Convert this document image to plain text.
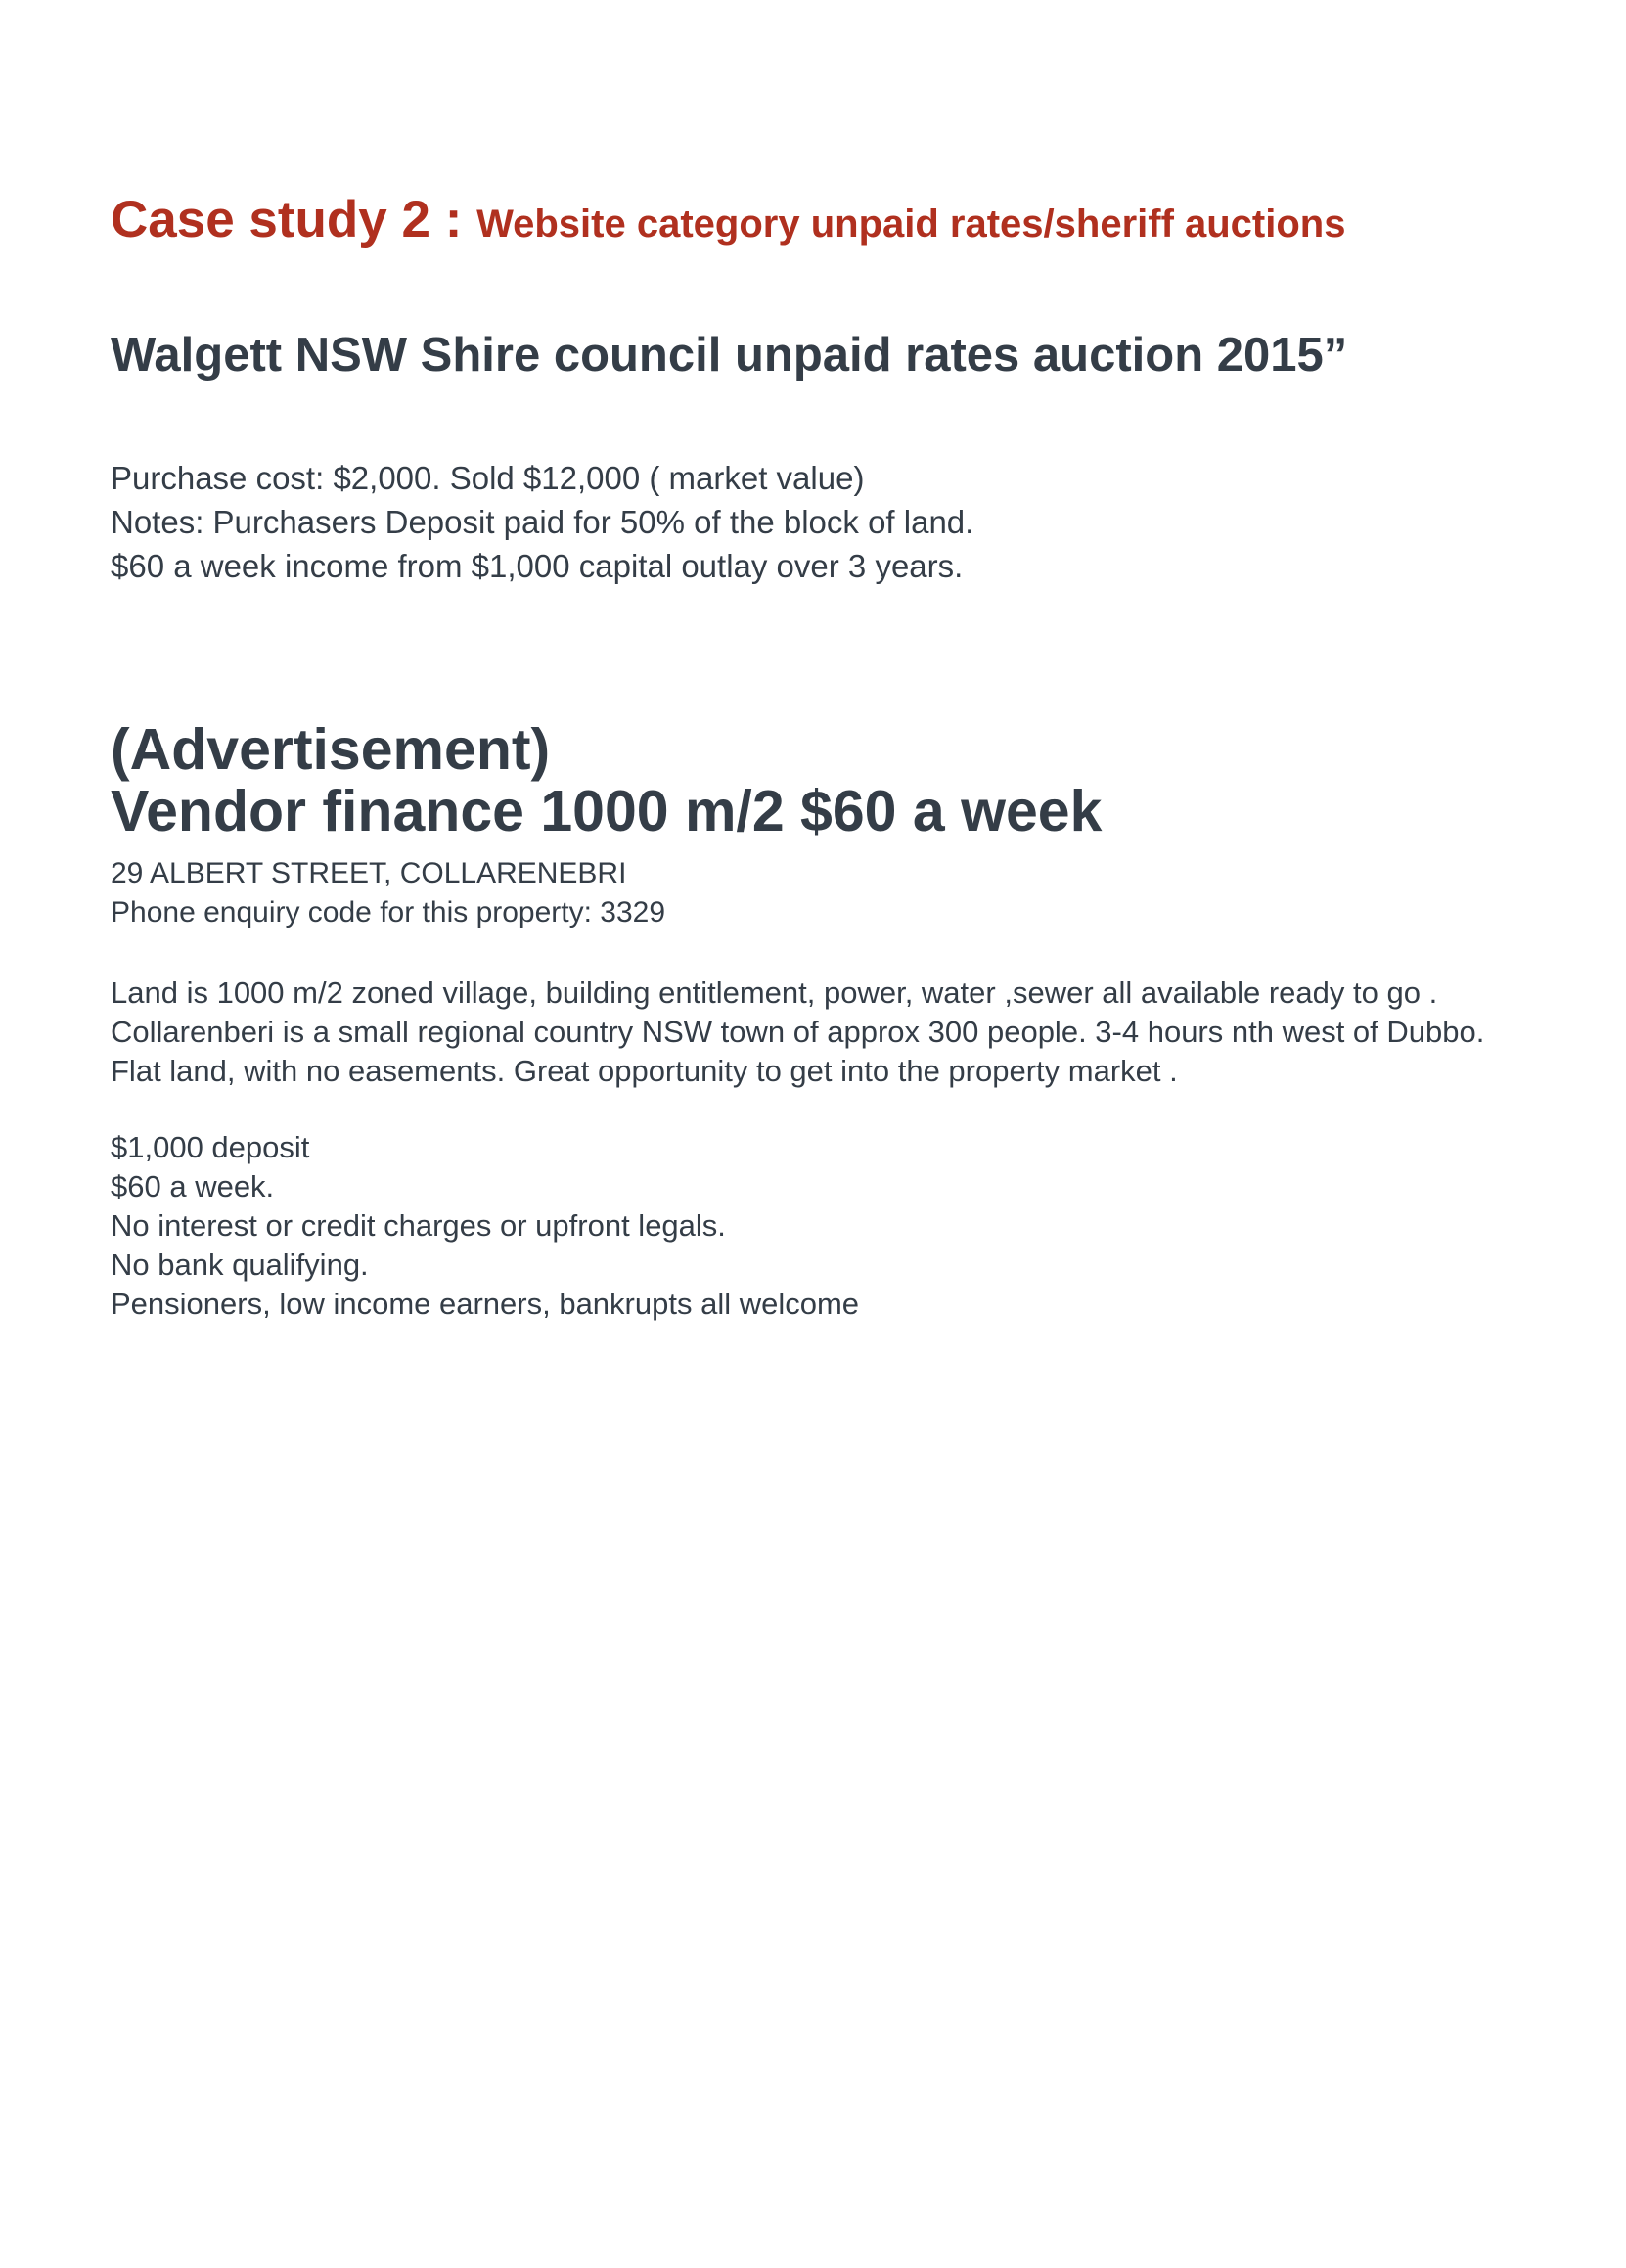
Case study 2 : Website category unpaid rates/sheriff auctions
Walgett NSW Shire council unpaid rates auction 2015”
Purchase cost: $2,000. Sold $12,000 ( market value)
Notes: Purchasers Deposit paid for 50% of the block of land.
$60 a week income from $1,000 capital outlay over 3 years.
(Advertisement)
Vendor finance 1000 m/2 $60 a week
29 ALBERT STREET, COLLARENEBRI
Phone enquiry code for this property: 3329
Land is 1000 m/2 zoned village, building entitlement, power, water ,sewer all available ready to go .
Collarenberi is a small regional country NSW town of approx 300 people. 3-4 hours nth west of Dubbo.
Flat land, with no easements. Great opportunity to get into the property market .
$1,000 deposit
$60 a week.
No interest or credit charges or upfront legals.
No bank qualifying.
Pensioners, low income earners, bankrupts all welcome
